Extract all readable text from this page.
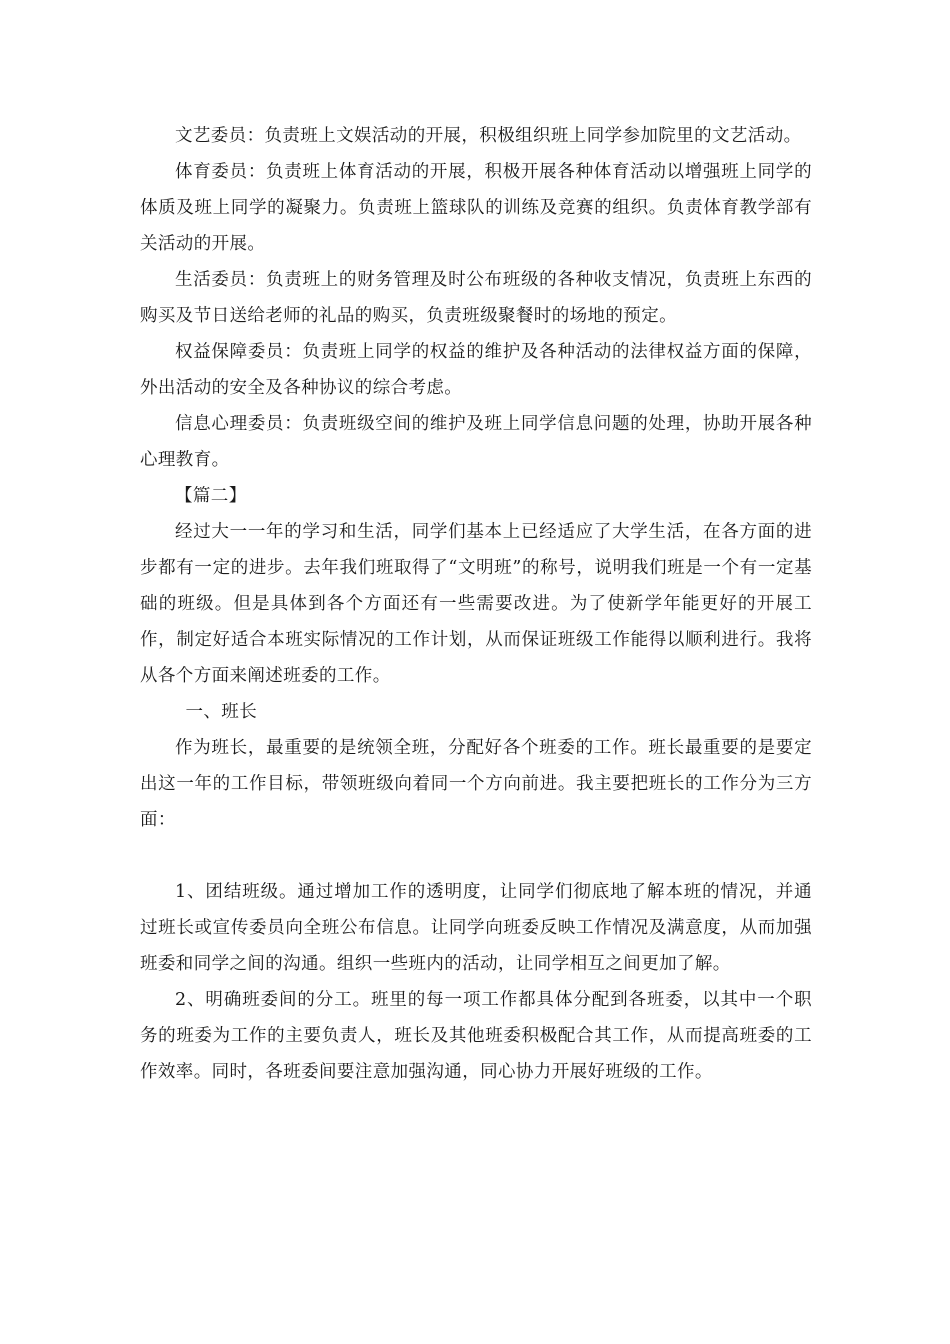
文艺委员：负责班上文娱活动的开展，积极组织班上同学参加院里的文艺活动。

体育委员：负责班上体育活动的开展，积极开展各种体育活动以增强班上同学的体质及班上同学的凝聚力。负责班上篮球队的训练及竞赛的组织。负责体育教学部有关活动的开展。

生活委员：负责班上的财务管理及时公布班级的各种收支情况，负责班上东西的购买及节日送给老师的礼品的购买，负责班级聚餐时的场地的预定。

权益保障委员：负责班上同学的权益的维护及各种活动的法律权益方面的保障，外出活动的安全及各种协议的综合考虑。

信息心理委员：负责班级空间的维护及班上同学信息问题的处理，协助开展各种心理教育。

【篇二】

经过大一一年的学习和生活，同学们基本上已经适应了大学生活，在各方面的进步都有一定的进步。去年我们班取得了“文明班”的称号，说明我们班是一个有一定基础的班级。但是具体到各个方面还有一些需要改进。为了使新学年能更好的开展工作，制定好适合本班实际情况的工作计划，从而保证班级工作能得以顺利进行。我将从各个方面来阐述班委的工作。

一、班长

作为班长，最重要的是统领全班，分配好各个班委的工作。班长最重要的是要定出这一年的工作目标，带领班级向着同一个方向前进。我主要把班长的工作分为三方面：

1、团结班级。通过增加工作的透明度，让同学们彻底地了解本班的情况，并通过班长或宣传委员向全班公布信息。让同学向班委反映工作情况及满意度，从而加强班委和同学之间的沟通。组织一些班内的活动，让同学相互之间更加了解。

2、明确班委间的分工。班里的每一项工作都具体分配到各班委，以其中一个职务的班委为工作的主要负责人，班长及其他班委积极配合其工作，从而提高班委的工作效率。同时，各班委间要注意加强沟通，同心协力开展好班级的工作。
